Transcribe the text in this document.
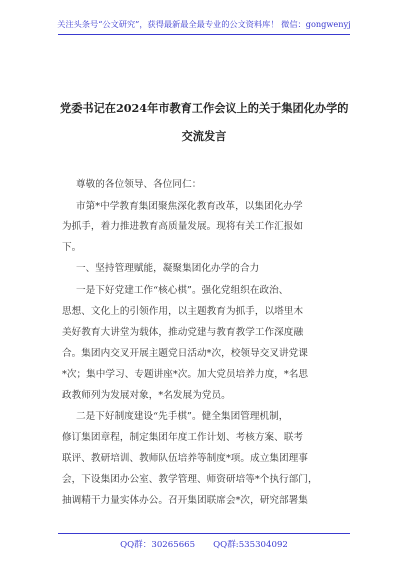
关注头条号“公文研究”，获得最新最全最专业的公文资料库！ 微信：gongwenyj
党委书记在2024年市教育工作会议上的关于集团化办学的
交流发言
尊敬的各位领导、各位同仁：
市第*中学教育集团聚焦深化教育改革，以集团化办学
为抓手，着力推进教育高质量发展。现将有关工作汇报如
下。
一、坚持管理赋能，凝聚集团化办学的合力
一是下好党建工作“核心棋”。强化党组织在政治、
思想、文化上的引领作用，以主题教育为抓手，以塔里木
美好教育大讲堂为载体，推动党建与教育教学工作深度融
合。集团内交叉开展主题党日活动*次，校领导交叉讲党课
*次；集中学习、专题讲座*次。加大党员培养力度，*名思
政教师列为发展对象，*名发展为党员。
二是下好制度建设“先手棋”。健全集团管理机制，
修订集团章程，制定集团年度工作计划、考核方案、联考
联评、教研培训、教师队伍培养等制度*项。成立集团理事
会，下设集团办公室、教学管理、师资研培等*个执行部门，
抽调精干力量实体办公。召开集团联席会*次，研究部署集
QQ群：30265665 QQ群:535304092
